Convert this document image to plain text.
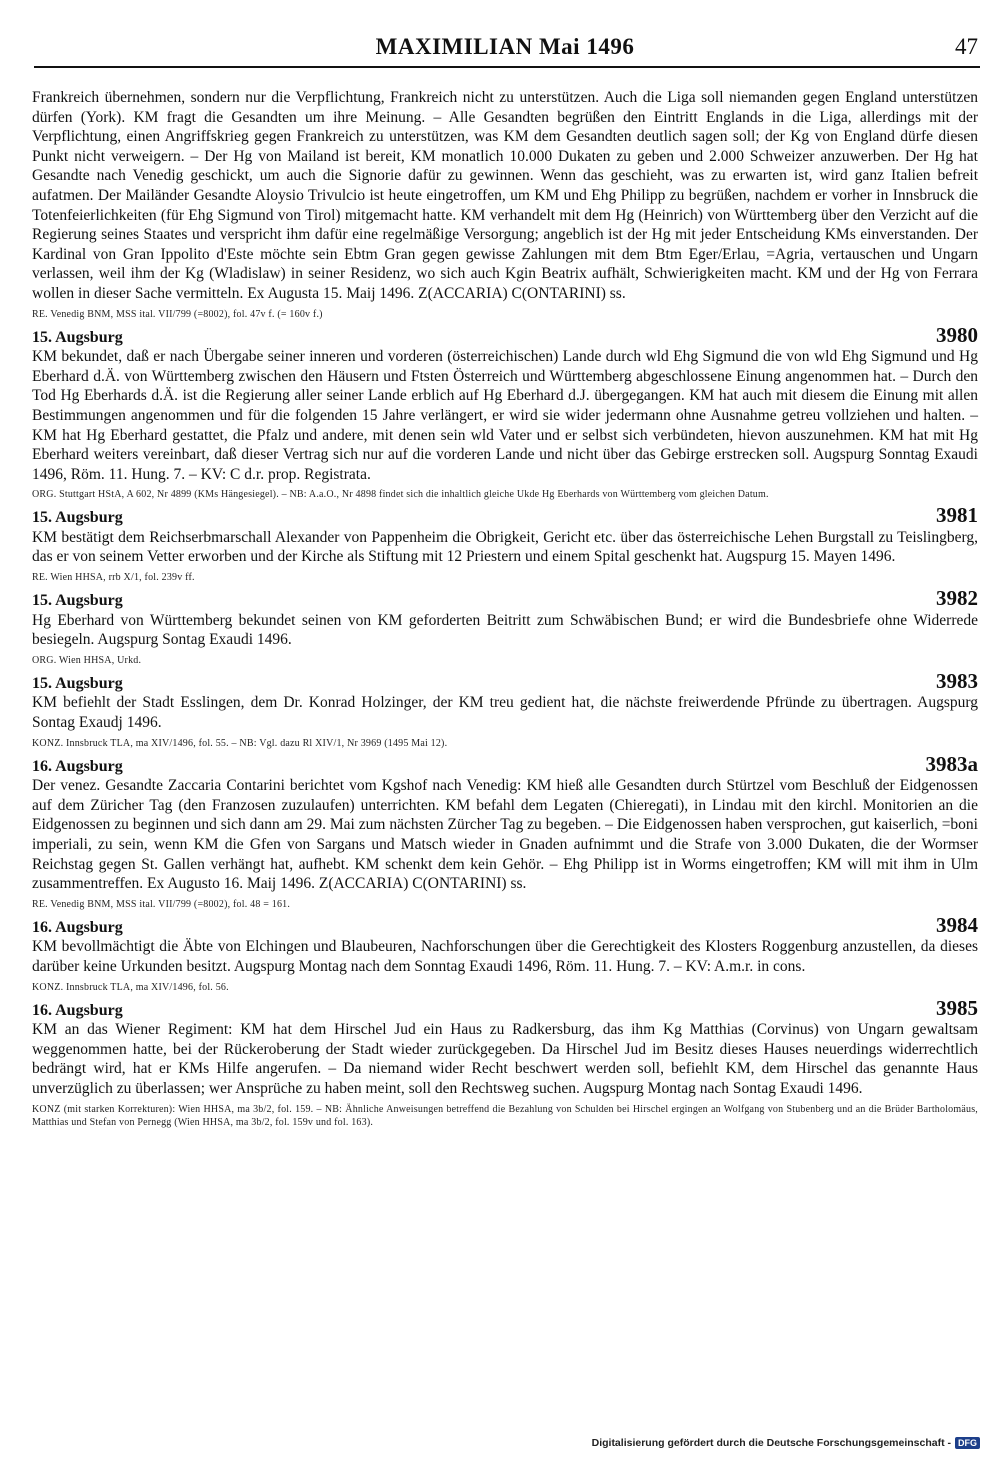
MAXIMILIAN Mai 1496	47

Frankreich übernehmen, sondern nur die Verpflichtung, Frankreich nicht zu unterstützen. Auch die Liga soll niemanden gegen England unterstützen dürfen (York). KM fragt die Gesandten um ihre Meinung. – Alle Gesandten begrüßen den Eintritt Englands in die Liga, allerdings mit der Verpflichtung, einen Angriffskrieg gegen Frankreich zu unterstützen, was KM dem Gesandten deutlich sagen soll; der Kg von England dürfe diesen Punkt nicht verweigern. – Der Hg von Mailand ist bereit, KM monatlich 10.000 Dukaten zu geben und 2.000 Schweizer anzuwerben. Der Hg hat Gesandte nach Venedig geschickt, um auch die Signorie dafür zu gewinnen. Wenn das geschieht, was zu erwarten ist, wird ganz Italien befreit aufatmen. Der Mailänder Gesandte Aloysio Trivulcio ist heute eingetroffen, um KM und Ehg Philipp zu begrüßen, nachdem er vorher in Innsbruck die Totenfeierlichkeiten (für Ehg Sigmund von Tirol) mitgemacht hatte. KM verhandelt mit dem Hg (Heinrich) von Württemberg über den Verzicht auf die Regierung seines Staates und verspricht ihm dafür eine regelmäßige Versorgung; angeblich ist der Hg mit jeder Entscheidung KMs einverstanden. Der Kardinal von Gran Ippolito d'Este möchte sein Ebtm Gran gegen gewisse Zahlungen mit dem Btm Eger/Erlau, =Agria, vertauschen und Ungarn verlassen, weil ihm der Kg (Wladislaw) in seiner Residenz, wo sich auch Kgin Beatrix aufhält, Schwierigkeiten macht. KM und der Hg von Ferrara wollen in dieser Sache vermitteln. Ex Augusta 15. Maij 1496. Z(ACCARIA) C(ONTARINI) ss.

RE. Venedig BNM, MSS ital. VII/799 (=8002), fol. 47v f. (= 160v f.)
15. Augsburg	3980

KM bekundet, daß er nach Übergabe seiner inneren und vorderen (österreichischen) Lande durch wld Ehg Sigmund die von wld Ehg Sigmund und Hg Eberhard d.Ä. von Württemberg zwischen den Häusern und Ftsten Österreich und Württemberg abgeschlossene Einung angenommen hat. – Durch den Tod Hg Eberhards d.Ä. ist die Regierung aller seiner Lande erblich auf Hg Eberhard d.J. übergegangen. KM hat auch mit diesem die Einung mit allen Bestimmungen angenommen und für die folgenden 15 Jahre verlängert, er wird sie wider jedermann ohne Ausnahme getreu vollziehen und halten. – KM hat Hg Eberhard gestattet, die Pfalz und andere, mit denen sein wld Vater und er selbst sich verbündeten, hievon auszunehmen. KM hat mit Hg Eberhard weiters vereinbart, daß dieser Vertrag sich nur auf die vorderen Lande und nicht über das Gebirge erstrecken soll. Augspurg Sonntag Exaudi 1496, Röm. 11. Hung. 7. – KV: C d.r. prop. Registrata.

ORG. Stuttgart HStA, A 602, Nr 4899 (KMs Hängesiegel). – NB: A.a.O., Nr 4898 findet sich die inhaltlich gleiche Ukde Hg Eberhards von Württemberg vom gleichen Datum.
15. Augsburg	3981

KM bestätigt dem Reichserbmarschall Alexander von Pappenheim die Obrigkeit, Gericht etc. über das österreichische Lehen Burgstall zu Teislingberg, das er von seinem Vetter erworben und der Kirche als Stiftung mit 12 Priestern und einem Spital geschenkt hat. Augspurg 15. Mayen 1496.

RE. Wien HHSA, rrb X/1, fol. 239v ff.
15. Augsburg	3982

Hg Eberhard von Württemberg bekundet seinen von KM geforderten Beitritt zum Schwäbischen Bund; er wird die Bundesbriefe ohne Widerrede besiegeln. Augspurg Sontag Exaudi 1496.

ORG. Wien HHSA, Urkd.
15. Augsburg	3983

KM befiehlt der Stadt Esslingen, dem Dr. Konrad Holzinger, der KM treu gedient hat, die nächste freiwerdende Pfründe zu übertragen. Augspurg Sontag Exaudj 1496.

KONZ. Innsbruck TLA, ma XIV/1496, fol. 55. – NB: Vgl. dazu Rl XIV/1, Nr 3969 (1495 Mai 12).
16. Augsburg	3983a

Der venez. Gesandte Zaccaria Contarini berichtet vom Kgshof nach Venedig: KM hieß alle Gesandten durch Stürtzel vom Beschluß der Eidgenossen auf dem Züricher Tag (den Franzosen zuzulaufen) unterrichten. KM befahl dem Legaten (Chieregati), in Lindau mit den kirchl. Monitorien an die Eidgenossen zu beginnen und sich dann am 29. Mai zum nächsten Zürcher Tag zu begeben. – Die Eidgenossen haben versprochen, gut kaiserlich, =boni imperiali, zu sein, wenn KM die Gfen von Sargans und Matsch wieder in Gnaden aufnimmt und die Strafe von 3.000 Dukaten, die der Wormser Reichstag gegen St. Gallen verhängt hat, aufhebt. KM schenkt dem kein Gehör. – Ehg Philipp ist in Worms eingetroffen; KM will mit ihm in Ulm zusammentreffen. Ex Augusto 16. Maij 1496. Z(ACCARIA) C(ONTARINI) ss.

RE. Venedig BNM, MSS ital. VII/799 (=8002), fol. 48 = 161.
16. Augsburg	3984

KM bevollmächtigt die Äbte von Elchingen und Blaubeuren, Nachforschungen über die Gerechtigkeit des Klosters Roggenburg anzustellen, da dieses darüber keine Urkunden besitzt. Augspurg Montag nach dem Sonntag Exaudi 1496, Röm. 11. Hung. 7. – KV: A.m.r. in cons.

KONZ. Innsbruck TLA, ma XIV/1496, fol. 56.
16. Augsburg	3985

KM an das Wiener Regiment: KM hat dem Hirschel Jud ein Haus zu Radkersburg, das ihm Kg Matthias (Corvinus) von Ungarn gewaltsam weggenommen hatte, bei der Rückeroberung der Stadt wieder zurückgegeben. Da Hirschel Jud im Besitz dieses Hauses neuerdings widerrechtlich bedrängt wird, hat er KMs Hilfe angerufen. – Da niemand wider Recht beschwert werden soll, befiehlt KM, dem Hirschel das genannte Haus unverzüglich zu überlassen; wer Ansprüche zu haben meint, soll den Rechtsweg suchen. Augspurg Montag nach Sontag Exaudi 1496.

KONZ (mit starken Korrekturen): Wien HHSA, ma 3b/2, fol. 159. – NB: Ähnliche Anweisungen betreffend die Bezahlung von Schulden bei Hirschel ergingen an Wolfgang von Stubenberg und an die Brüder Bartholomäus, Matthias und Stefan von Pernegg (Wien HHSA, ma 3b/2, fol. 159v und fol. 163).
Digitalisierung gefördert durch die Deutsche Forschungsgemeinschaft - DFG
